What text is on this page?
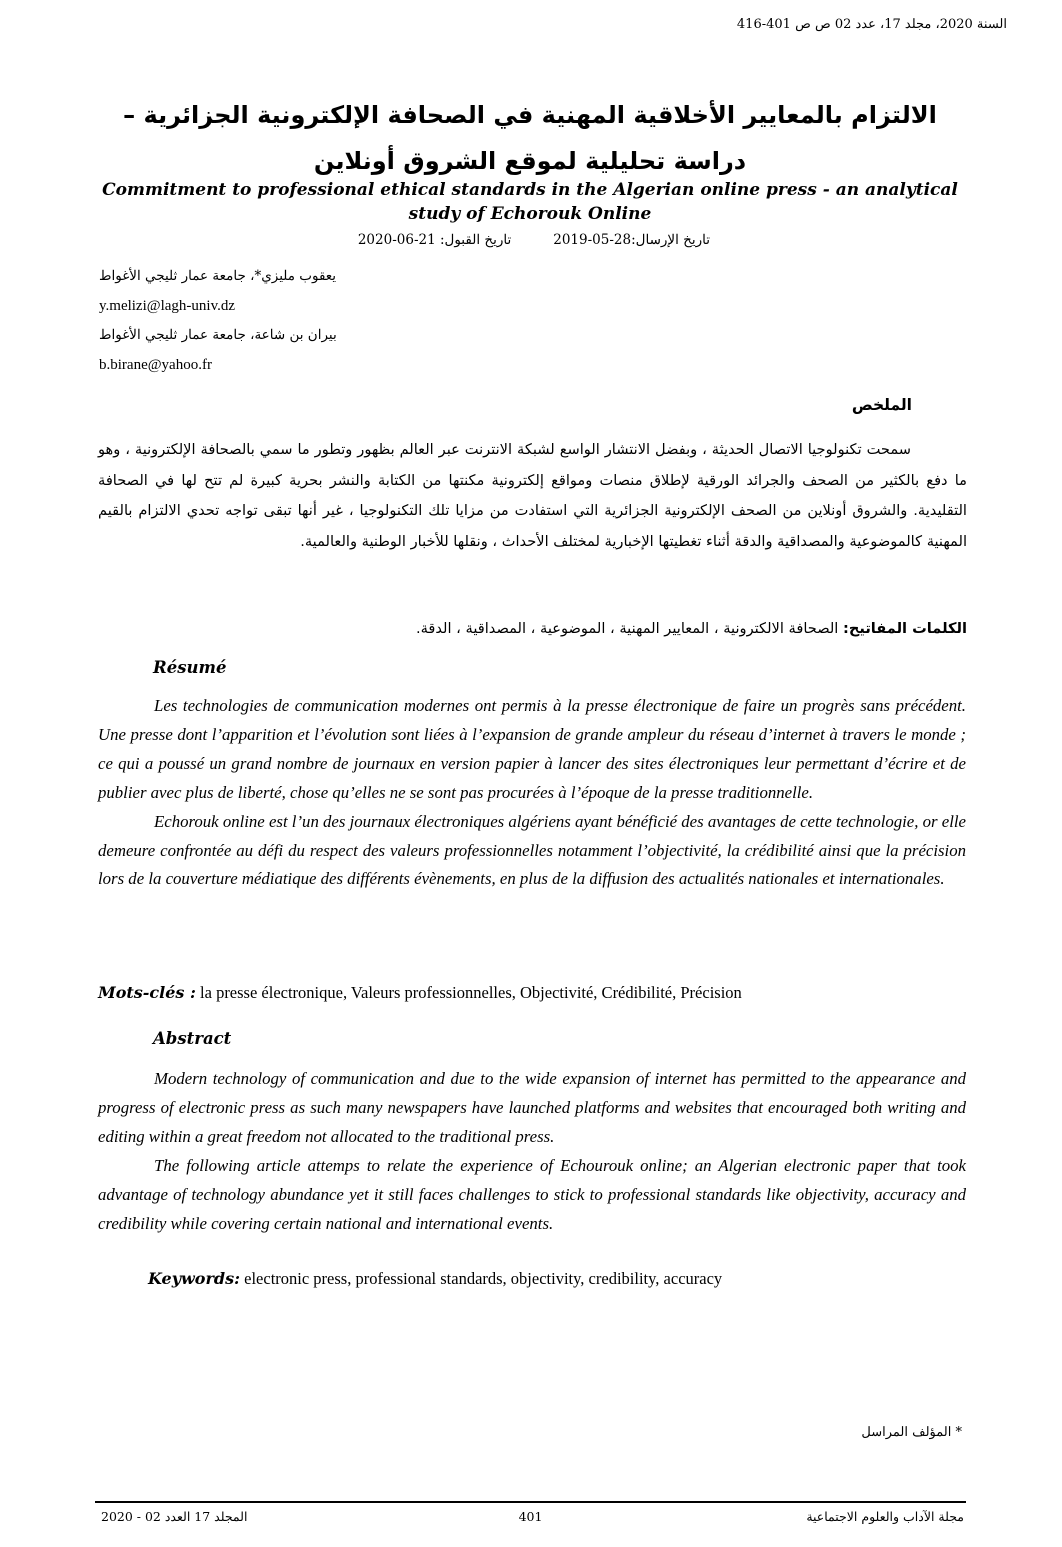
السنة 2020، مجلد 17، عدد 02 ص ص 401-416
الالتزام بالمعايير الأخلاقية المهنية في الصحافة الإلكترونية الجزائرية – دراسة تحليلية لموقع الشروق أونلاين
Commitment to professional ethical standards in the Algerian online press - an analytical study of Echorouk Online
تاريخ الإرسال:28-05-2019
تاريخ القبول: 21-06-2020
يعقوب مليزي*، جامعة عمار ثليجي الأغواط
y.melizi@lagh-univ.dz
بيران بن شاعة، جامعة عمار ثليجي الأغواط
b.birane@yahoo.fr
الملخص
سمحت تكنولوجيا الاتصال الحديثة ، وبفضل الانتشار الواسع لشبكة الانترنت عبر العالم بظهور وتطور ما سمي بالصحافة الإلكترونية ، وهو ما دفع بالكثير من الصحف والجرائد الورقية لإطلاق منصات ومواقع إلكترونية مكنتها من الكتابة والنشر بحرية كبيرة لم تتح لها في الصحافة التقليدية. والشروق أونلاين من الصحف الإلكترونية الجزائرية التي استفادت من مزايا تلك التكنولوجيا ، غير أنها تبقى تواجه تحدي الالتزام بالقيم المهنية كالموضوعية والمصداقية والدقة أثناء تغطيتها الإخبارية لمختلف الأحداث ، ونقلها للأخبار الوطنية والعالمية.
الكلمات المفاتيح: الصحافة الالكترونية ، المعايير المهنية ، الموضوعية ، المصداقية ، الدقة.
Résumé

Les technologies de communication modernes ont permis à la presse électronique de faire un progrès sans précédent. Une presse dont l’apparition et l’évolution sont liées à l’expansion de grande ampleur du réseau d’internet à travers le monde ; ce qui a poussé un grand nombre de journaux en version papier à lancer des sites électroniques leur permettant d’écrire et de publier avec plus de liberté, chose qu’elles ne se sont pas procurées à l’époque de la presse traditionnelle.

Echorouk online est l’un des journaux électroniques algériens ayant bénéficié des avantages de cette technologie, or elle demeure confrontée au défi du respect des valeurs professionnelles notamment l’objectivité, la crédibilité ainsi que la précision lors de la couverture médiatique des différents évènements, en plus de la diffusion des actualités nationales et internationales.

Mots-clés : la presse électronique, Valeurs professionnelles, Objectivité, Crédibilité, Précision
Abstract

Modern technology of communication and due to the wide expansion of internet has permitted to the appearance and progress of electronic press as such many newspapers have launched platforms and websites that encouraged both writing and editing within a great freedom not allocated to the traditional press.

The following article attemps to relate the experience of Echourouk online; an Algerian electronic paper that took advantage of technology abundance yet it still faces challenges to stick to professional standards like objectivity, accuracy and credibility while covering certain national and international events.

Keywords: electronic press, professional standards, objectivity, credibility, accuracy
* المؤلف المراسل
المجلد 17 العدد 02 - 2020	401	مجلة الآداب والعلوم الاجتماعية
